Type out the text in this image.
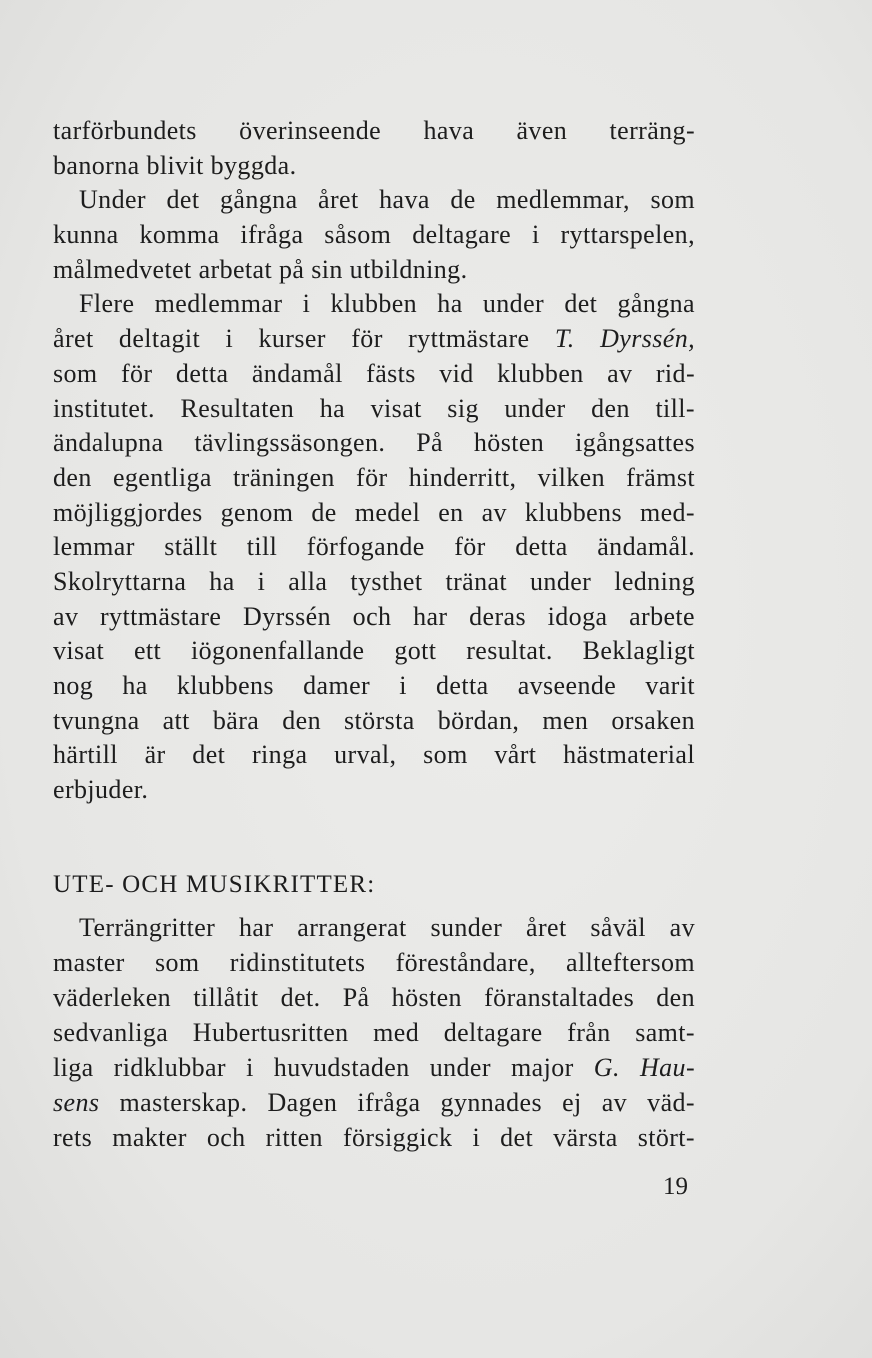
tarförbundets överinseende hava även terräng-
banorna blivit byggda.
Under det gångna året hava de medlemmar, som
kunna komma ifråga såsom deltagare i ryttarspelen,
målmedvetet arbetat på sin utbildning.
Flere medlemmar i klubben ha under det gångna
året deltagit i kurser för ryttmästare T. Dyrssén,
som för detta ändamål fästs vid klubben av rid-
institutet. Resultaten ha visat sig under den till-
ändalupna tävlingssäsongen. På hösten igångsattes
den egentliga träningen för hinderritt, vilken främst
möjliggjordes genom de medel en av klubbens med-
lemmar ställt till förfogande för detta ändamål.
Skolryttarna ha i alla tysthet tränat under ledning
av ryttmästare Dyrssén och har deras idoga arbete
visat ett iögonenfallande gott resultat. Beklagligt
nog ha klubbens damer i detta avseende varit
tvungna att bära den största bördan, men orsaken
härtill är det ringa urval, som vårt hästmaterial
erbjuder.
UTE- OCH MUSIKRITTER:
Terrängritter har arrangerat sunder året såväl av
master som ridinstitutets föreståndare, allteftersom
väderleken tillåtit det. På hösten föranstaltades den
sedvanliga Hubertusritten med deltagare från samt-
liga ridklubbar i huvudstaden under major G. Hau-
sens masterskap. Dagen ifråga gynnades ej av väd-
rets makter och ritten försiggick i det värsta stört-
19
